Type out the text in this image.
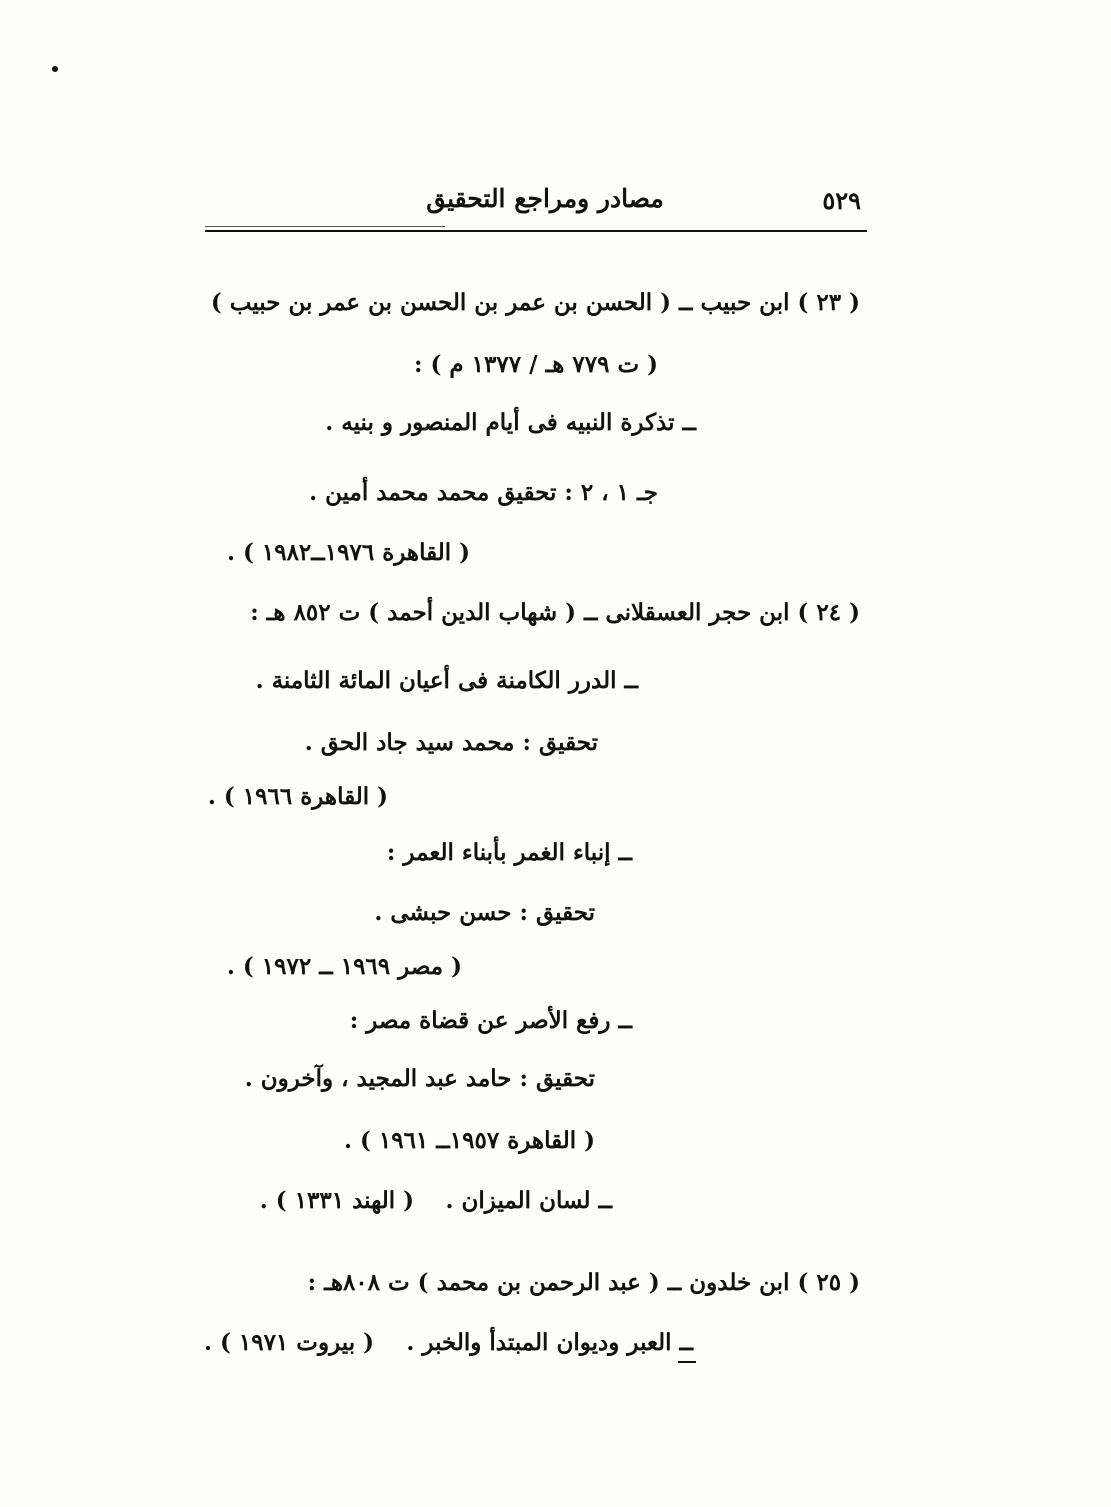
٥٢٩
مصادر ومراجع التحقيق
( ٢٣ ) ابن حبيب ــ ( الحسن بن عمر بن الحسن بن عمر بن حبيب )
( ت ٧٧٩ هـ / ١٣٧٧ م ) :
ــ تذكرة النبيه فى أيام المنصور و بنيه .
جـ ١ ، ٢ : تحقيق محمد محمد أمين .
( القاهرة ١٩٧٦ــ١٩٨٢ ) .
( ٢٤ ) ابن حجر العسقلانى ــ ( شهاب الدين أحمد ) ت ٨٥٢ هـ :
ــ الدرر الكامنة فى أعيان المائة الثامنة .
تحقيق : محمد سيد جاد الحق .
( القاهرة ١٩٦٦ ) .
ــ إنباء الغمر بأبناء العمر :
تحقيق : حسن حبشى .
( مصر ١٩٦٩ ــ ١٩٧٢ ) .
ــ رفع الأصر عن قضاة مصر :
تحقيق : حامد عبد المجيد ، وآخرون .
( القاهرة ١٩٥٧ــ ١٩٦١ ) .
ــ لسان الميزان .
( الهند ١٣٣١ ) .
( ٢٥ ) ابن خلدون ــ ( عبد الرحمن بن محمد ) ت ٨٠٨هـ :
ــ العبر وديوان المبتدأ والخبر .
( بيروت ١٩٧١ ) .
